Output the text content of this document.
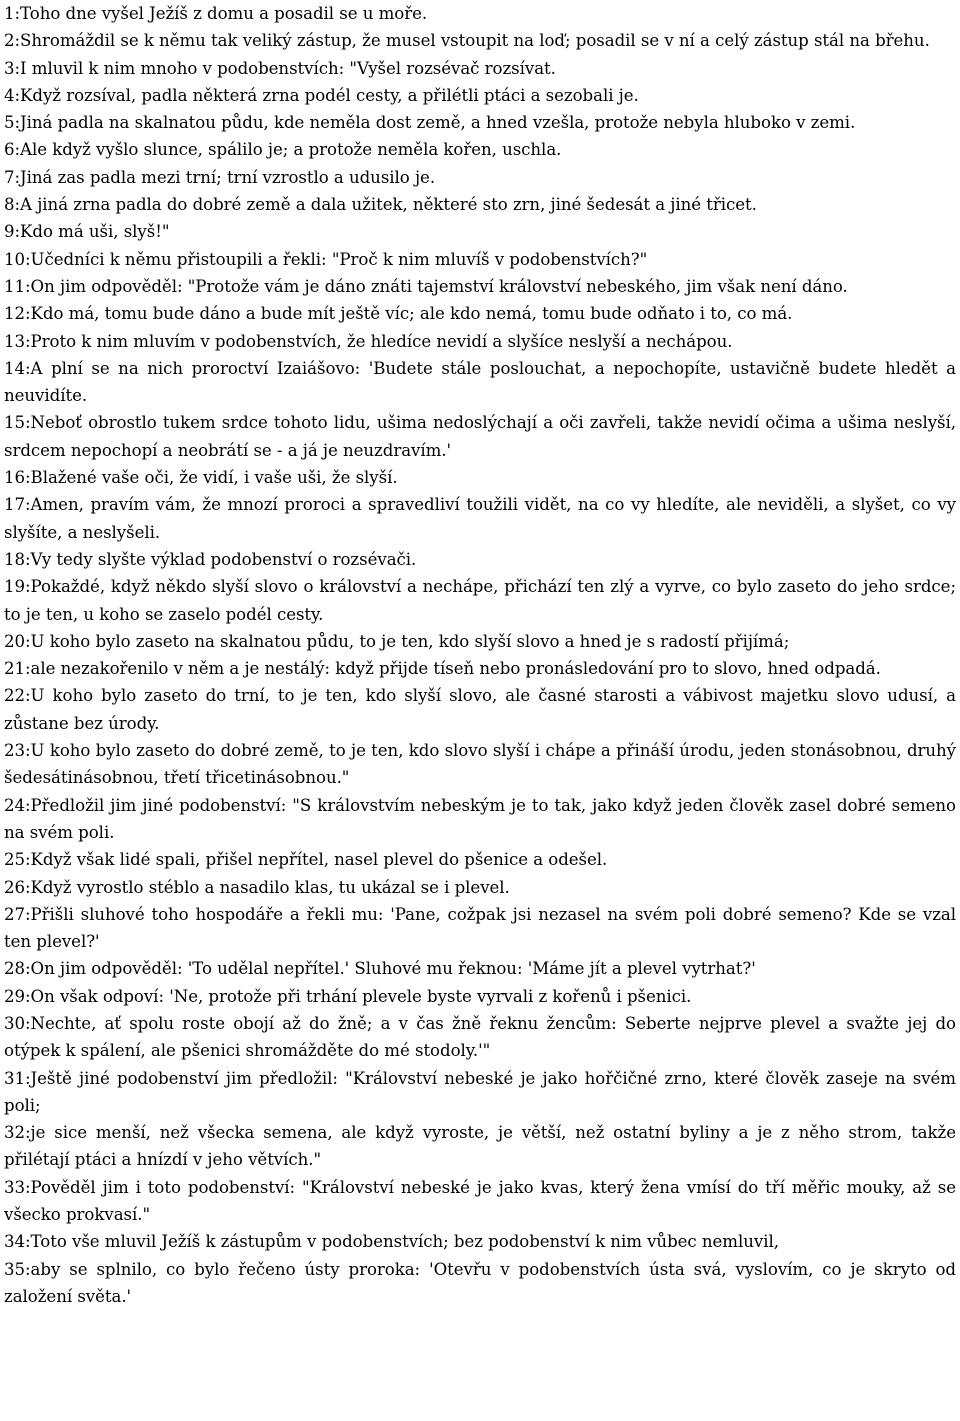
1:Toho dne vyšel Ježíš z domu a posadil se u moře.

2:Shromáždil se k němu tak veliký zástup, že musel vstoupit na loď; posadil se v ní a celý zástup stál na břehu.

3:I mluvil k nim mnoho v podobenstvích: "Vyšel rozsévač rozsívat.

4:Když rozsíval, padla některá zrna podél cesty, a přilétli ptáci a sezobali je.

5:Jiná padla na skalnatou půdu, kde neměla dost země, a hned vzešla, protože nebyla hluboko v zemi.

6:Ale když vyšlo slunce, spálilo je; a protože neměla kořen, uschla.

7:Jiná zas padla mezi trní; trní vzrostlo a udusilo je.

8:A jiná zrna padla do dobré země a dala užitek, některé sto zrn, jiné šedesát a jiné třicet.

9:Kdo má uši, slyš!"

10:Učedníci k němu přistoupili a řekli: "Proč k nim mluvíš v podobenstvích?"

11:On jim odpověděl: "Protože vám je dáno znáti tajemství království nebeského, jim však není dáno.

12:Kdo má, tomu bude dáno a bude mít ještě víc; ale kdo nemá, tomu bude odňato i to, co má.

13:Proto k nim mluvím v podobenstvích, že hledíce nevidí a slyšíce neslyší a nechápou.

14:A plní se na nich proroctví Izaiášovo: 'Budete stále poslouchat, a nepochopíte, ustavičně budete hledět a neuvidíte.

15:Neboť obrostlo tukem srdce tohoto lidu, ušima nedoslýchají a oči zavřeli, takže nevidí očima a ušima neslyší, srdcem nepochopí a neobrátí se - a já je neuzdravím.'

16:Blažené vaše oči, že vidí, i vaše uši, že slyší.

17:Amen, pravím vám, že mnozí proroci a spravedliví toužili vidět, na co vy hledíte, ale neviděli, a slyšet, co vy slyšíte, a neslyšeli.

18:Vy tedy slyšte výklad podobenství o rozsévači.

19:Pokaždé, když někdo slyší slovo o království a nechápe, přichází ten zlý a vyrve, co bylo zaseto do jeho srdce; to je ten, u koho se zaselo podél cesty.

20:U koho bylo zaseto na skalnatou půdu, to je ten, kdo slyší slovo a hned je s radostí přijímá;

21:ale nezakořenilo v něm a je nestálý: když přijde tíseň nebo pronásledování pro to slovo, hned odpadá.

22:U koho bylo zaseto do trní, to je ten, kdo slyší slovo, ale časné starosti a vábivost majetku slovo udusí, a zůstane bez úrody.

23:U koho bylo zaseto do dobré země, to je ten, kdo slovo slyší i chápe a přináší úrodu, jeden stonásobnou, druhý šedesátinásobnou, třetí třicetinásobnou."

24:Předložil jim jiné podobenství: "S královstvím nebeským je to tak, jako když jeden člověk zasel dobré semeno na svém poli.

25:Když však lidé spali, přišel nepřítel, nasel plevel do pšenice a odešel.

26:Když vyrostlo stéblo a nasadilo klas, tu ukázal se i plevel.

27:Přišli sluhové toho hospodáře a řekli mu: 'Pane, cožpak jsi nezasel na svém poli dobré semeno? Kde se vzal ten plevel?'

28:On jim odpověděl: 'To udělal nepřítel.' Sluhové mu řeknou: 'Máme jít a plevel vytrhat?'

29:On však odpoví: 'Ne, protože při trhání plevele byste vyrvali z kořenů i pšenici.

30:Nechte, ať spolu roste obojí až do žně; a v čas žně řeknu žencům: Seberte nejprve plevel a svažte jej do otýpek k spálení, ale pšenici shromážděte do mé stodoly.'"

31:Ještě jiné podobenství jim předložil: "Království nebeské je jako hořčičné zrno, které člověk zaseje na svém poli;

32:je sice menší, než všecka semena, ale když vyroste, je větší, než ostatní byliny a je z něho strom, takže přilétají ptáci a hnízdí v jeho větvích."

33:Pověděl jim i toto podobenství: "Království nebeské je jako kvas, který žena vmísí do tří měřic mouky, až se všecko prokvasí."

34:Toto vše mluvil Ježíš k zástupům v podobenstvích; bez podobenství k nim vůbec nemluvil,

35:aby se splnilo, co bylo řečeno ústy proroka: 'Otevřu v podobenstvích ústa svá, vyslovím, co je skryto od založení světa.'
